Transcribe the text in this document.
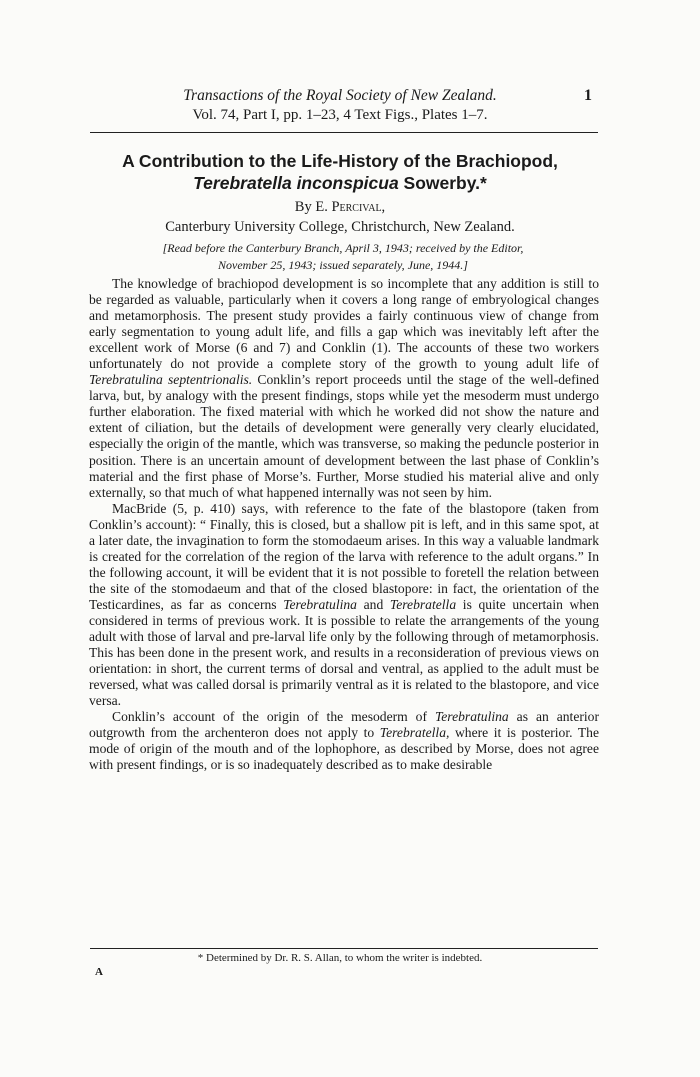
Transactions of the Royal Society of New Zealand.	1
Vol. 74, Part I, pp. 1–23, 4 Text Figs., Plates 1–7.
A Contribution to the Life-History of the Brachiopod,
Terebratella inconspicua Sowerby.*
By E. Percival,
Canterbury University College, Christchurch, New Zealand.
[Read before the Canterbury Branch, April 3, 1943; received by the Editor,
November 25, 1943; issued separately, June, 1944.]

The knowledge of brachiopod development is so incomplete that any addition is still to be regarded as valuable, particularly when it covers a long range of embryological changes and metamorphosis. The present study provides a fairly continuous view of change from early segmentation to young adult life, and fills a gap which was inevitably left after the excellent work of Morse (6 and 7) and Conklin (1). The accounts of these two workers unfortunately do not provide a complete story of the growth to young adult life of Terebratulina septentrionalis. Conklin’s report proceeds until the stage of the well-defined larva, but, by analogy with the present findings, stops while yet the mesoderm must undergo further elaboration. The fixed material with which he worked did not show the nature and extent of ciliation, but the details of development were generally very clearly elucidated, especially the origin of the mantle, which was transverse, so making the peduncle posterior in position. There is an uncertain amount of development between the last phase of Conklin’s material and the first phase of Morse’s. Further, Morse studied his material alive and only externally, so that much of what happened internally was not seen by him.

MacBride (5, p. 410) says, with reference to the fate of the blastopore (taken from Conklin’s account): “ Finally, this is closed, but a shallow pit is left, and in this same spot, at a later date, the invagination to form the stomodaeum arises. In this way a valuable landmark is created for the correlation of the region of the larva with reference to the adult organs.” In the following account, it will be evident that it is not possible to foretell the relation between the site of the stomodaeum and that of the closed blastopore: in fact, the orientation of the Testicardines, as far as concerns Terebratulina and Terebratella is quite uncertain when considered in terms of previous work. It is possible to relate the arrangements of the young adult with those of larval and pre-larval life only by the following through of metamorphosis. This has been done in the present work, and results in a reconsideration of previous views on orientation: in short, the current terms of dorsal and ventral, as applied to the adult must be reversed, what was called dorsal is primarily ventral as it is related to the blastopore, and vice versa.

Conklin’s account of the origin of the mesoderm of Terebratulina as an anterior outgrowth from the archenteron does not apply to Terebratella, where it is posterior. The mode of origin of the mouth and of the lophophore, as described by Morse, does not agree with present findings, or is so inadequately described as to make desirable

* Determined by Dr. R. S. Allan, to whom the writer is indebted.
A
